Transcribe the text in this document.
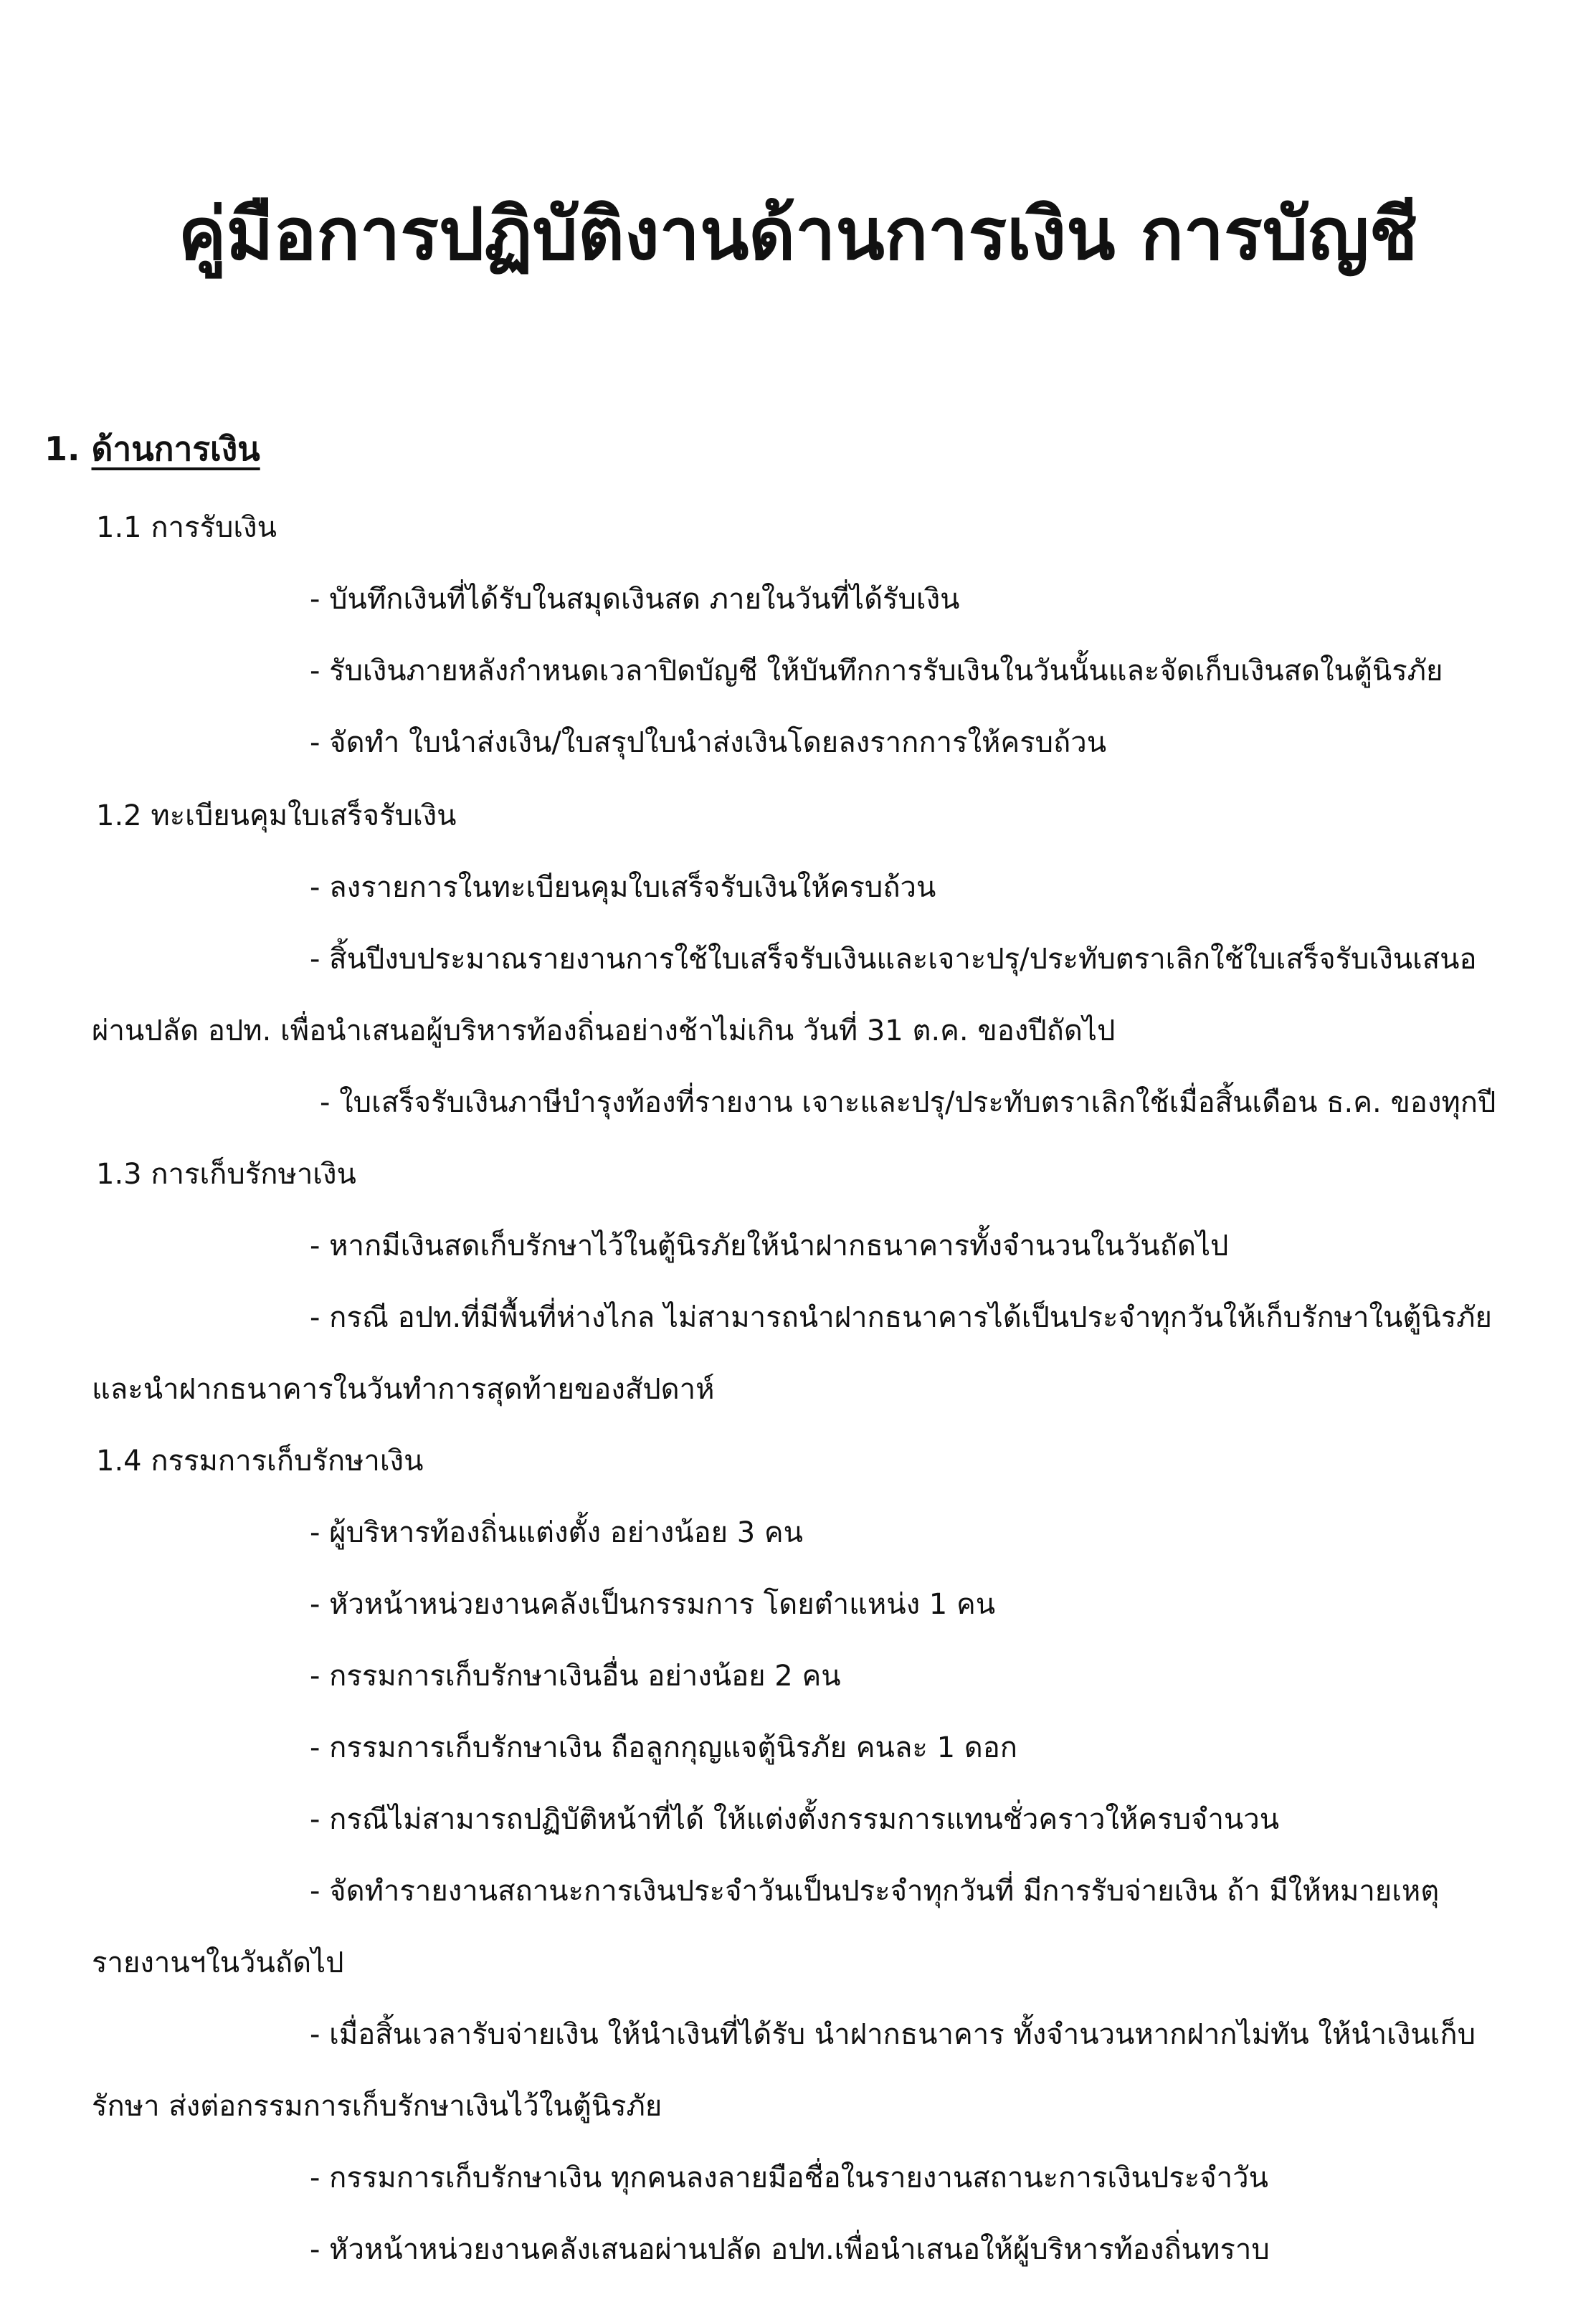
คู่มือการปฏิบัติงานด้านการเงิน การบัญชี
1. ด้านการเงิน

1.1 การรับเงิน

- บันทึกเงินที่ได้รับในสมุดเงินสด ภายในวันที่ได้รับเงิน

- รับเงินภายหลังกำหนดเวลาปิดบัญชี ให้บันทึกการรับเงินในวันนั้นและจัดเก็บเงินสดในตู้นิรภัย

- จัดทำ ใบนำส่งเงิน/ใบสรุปใบนำส่งเงินโดยลงรากการให้ครบถ้วน

1.2 ทะเบียนคุมใบเสร็จรับเงิน

- ลงรายการในทะเบียนคุมใบเสร็จรับเงินให้ครบถ้วน

- สิ้นปีงบประมาณรายงานการใช้ใบเสร็จรับเงินและเจาะปรุ/ประทับตราเลิกใช้ใบเสร็จรับเงินเสนอ

ผ่านปลัด อปท. เพื่อนำเสนอผู้บริหารท้องถิ่นอย่างช้าไม่เกิน วันที่ 31 ต.ค. ของปีถัดไป

- ใบเสร็จรับเงินภาษีบำรุงท้องที่รายงาน เจาะและปรุ/ประทับตราเลิกใช้เมื่อสิ้นเดือน ธ.ค. ของทุกปี

1.3 การเก็บรักษาเงิน

- หากมีเงินสดเก็บรักษาไว้ในตู้นิรภัยให้นำฝากธนาคารทั้งจำนวนในวันถัดไป

- กรณี อปท.ที่มีพื้นที่ห่างไกล ไม่สามารถนำฝากธนาคารได้เป็นประจำทุกวันให้เก็บรักษาในตู้นิรภัย

และนำฝากธนาคารในวันทำการสุดท้ายของสัปดาห์

1.4 กรรมการเก็บรักษาเงิน

- ผู้บริหารท้องถิ่นแต่งตั้ง อย่างน้อย 3 คน

- หัวหน้าหน่วยงานคลังเป็นกรรมการ โดยตำแหน่ง 1 คน

- กรรมการเก็บรักษาเงินอื่น อย่างน้อย 2 คน

- กรรมการเก็บรักษาเงิน ถือลูกกุญแจตู้นิรภัย คนละ 1 ดอก

- กรณีไม่สามารถปฏิบัติหน้าที่ได้ ให้แต่งตั้งกรรมการแทนชั่วคราวให้ครบจำนวน

- จัดทำรายงานสถานะการเงินประจำวันเป็นประจำทุกวันที่ มีการรับจ่ายเงิน ถ้า มีให้หมายเหตุ

รายงานฯในวันถัดไป

- เมื่อสิ้นเวลารับจ่ายเงิน ให้นำเงินที่ได้รับ นำฝากธนาคาร ทั้งจำนวนหากฝากไม่ทัน ให้นำเงินเก็บ

รักษา ส่งต่อกรรมการเก็บรักษาเงินไว้ในตู้นิรภัย

- กรรมการเก็บรักษาเงิน ทุกคนลงลายมือชื่อในรายงานสถานะการเงินประจำวัน

- หัวหน้าหน่วยงานคลังเสนอผ่านปลัด อปท.เพื่อนำเสนอให้ผู้บริหารท้องถิ่นทราบ
